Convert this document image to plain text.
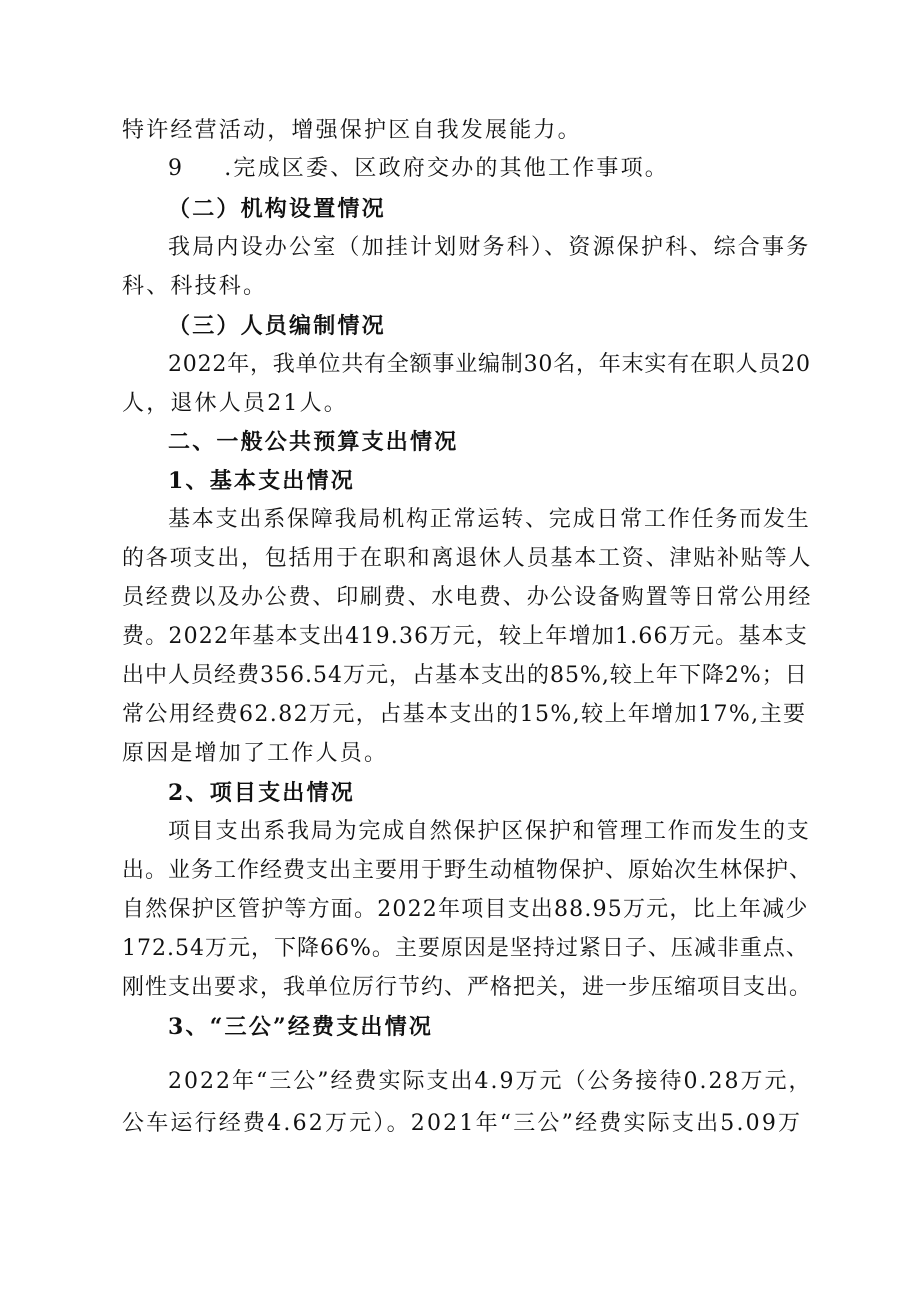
特许经营活动，增强保护区自我发展能力。
9 .完成区委、区政府交办的其他工作事项。
（二）机构设置情况
我局内设办公室（加挂计划财务科）、资源保护科、综合事务
科、科技科。
（三）人员编制情况
2022年，我单位共有全额事业编制30名，年末实有在职人员20
人，退休人员21人。
二、一般公共预算支出情况
1、基本支出情况
基本支出系保障我局机构正常运转、完成日常工作任务而发生
的各项支出，包括用于在职和离退休人员基本工资、津贴补贴等人
员经费以及办公费、印刷费、水电费、办公设备购置等日常公用经
费。2022年基本支出419.36万元，较上年增加1.66万元。基本支
出中人员经费356.54万元，占基本支出的85%,较上年下降2%；日
常公用经费62.82万元，占基本支出的15%,较上年增加17%,主要
原因是增加了工作人员。
2、项目支出情况
项目支出系我局为完成自然保护区保护和管理工作而发生的支
出。业务工作经费支出主要用于野生动植物保护、原始次生林保护、
自然保护区管护等方面。2022年项目支出88.95万元，比上年减少
172.54万元，下降66%。主要原因是坚持过紧日子、压减非重点、
刚性支出要求，我单位厉行节约、严格把关，进一步压缩项目支出。
3、“三公”经费支出情况
2022年“三公”经费实际支出4.9万元（公务接待0.28万元，
公车运行经费4.62万元）。2021年“三公”经费实际支出5.09万
